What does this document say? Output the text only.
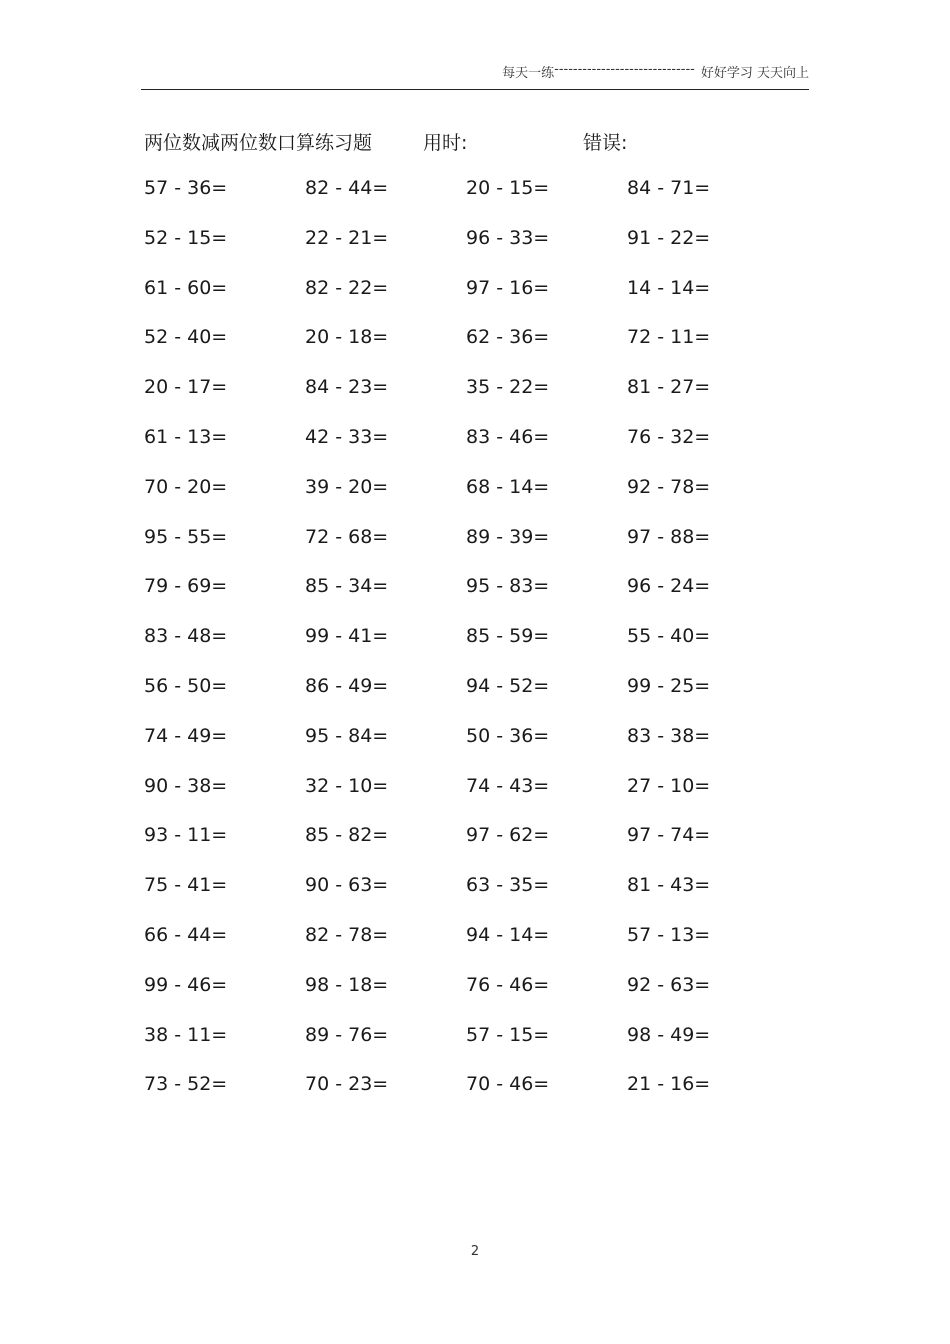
每天一练 ------------------------------ 好好学习 天天向上
两位数减两位数口算练习题	用时:	错误:
57 - 36=	82 - 44=	20 - 15=	84 - 71=
52 - 15=	22 - 21=	96 - 33=	91 - 22=
61 - 60=	82 - 22=	97 - 16=	14 - 14=
52 - 40=	20 - 18=	62 - 36=	72 - 11=
20 - 17=	84 - 23=	35 - 22=	81 - 27=
61 - 13=	42 - 33=	83 - 46=	76 - 32=
70 - 20=	39 - 20=	68 - 14=	92 - 78=
95 - 55=	72 - 68=	89 - 39=	97 - 88=
79 - 69=	85 - 34=	95 - 83=	96 - 24=
83 - 48=	99 - 41=	85 - 59=	55 - 40=
56 - 50=	86 - 49=	94 - 52=	99 - 25=
74 - 49=	95 - 84=	50 - 36=	83 - 38=
90 - 38=	32 - 10=	74 - 43=	27 - 10=
93 - 11=	85 - 82=	97 - 62=	97 - 74=
75 - 41=	90 - 63=	63 - 35=	81 - 43=
66 - 44=	82 - 78=	94 - 14=	57 - 13=
99 - 46=	98 - 18=	76 - 46=	92 - 63=
38 - 11=	89 - 76=	57 - 15=	98 - 49=
73 - 52=	70 - 23=	70 - 46=	21 - 16=
2
